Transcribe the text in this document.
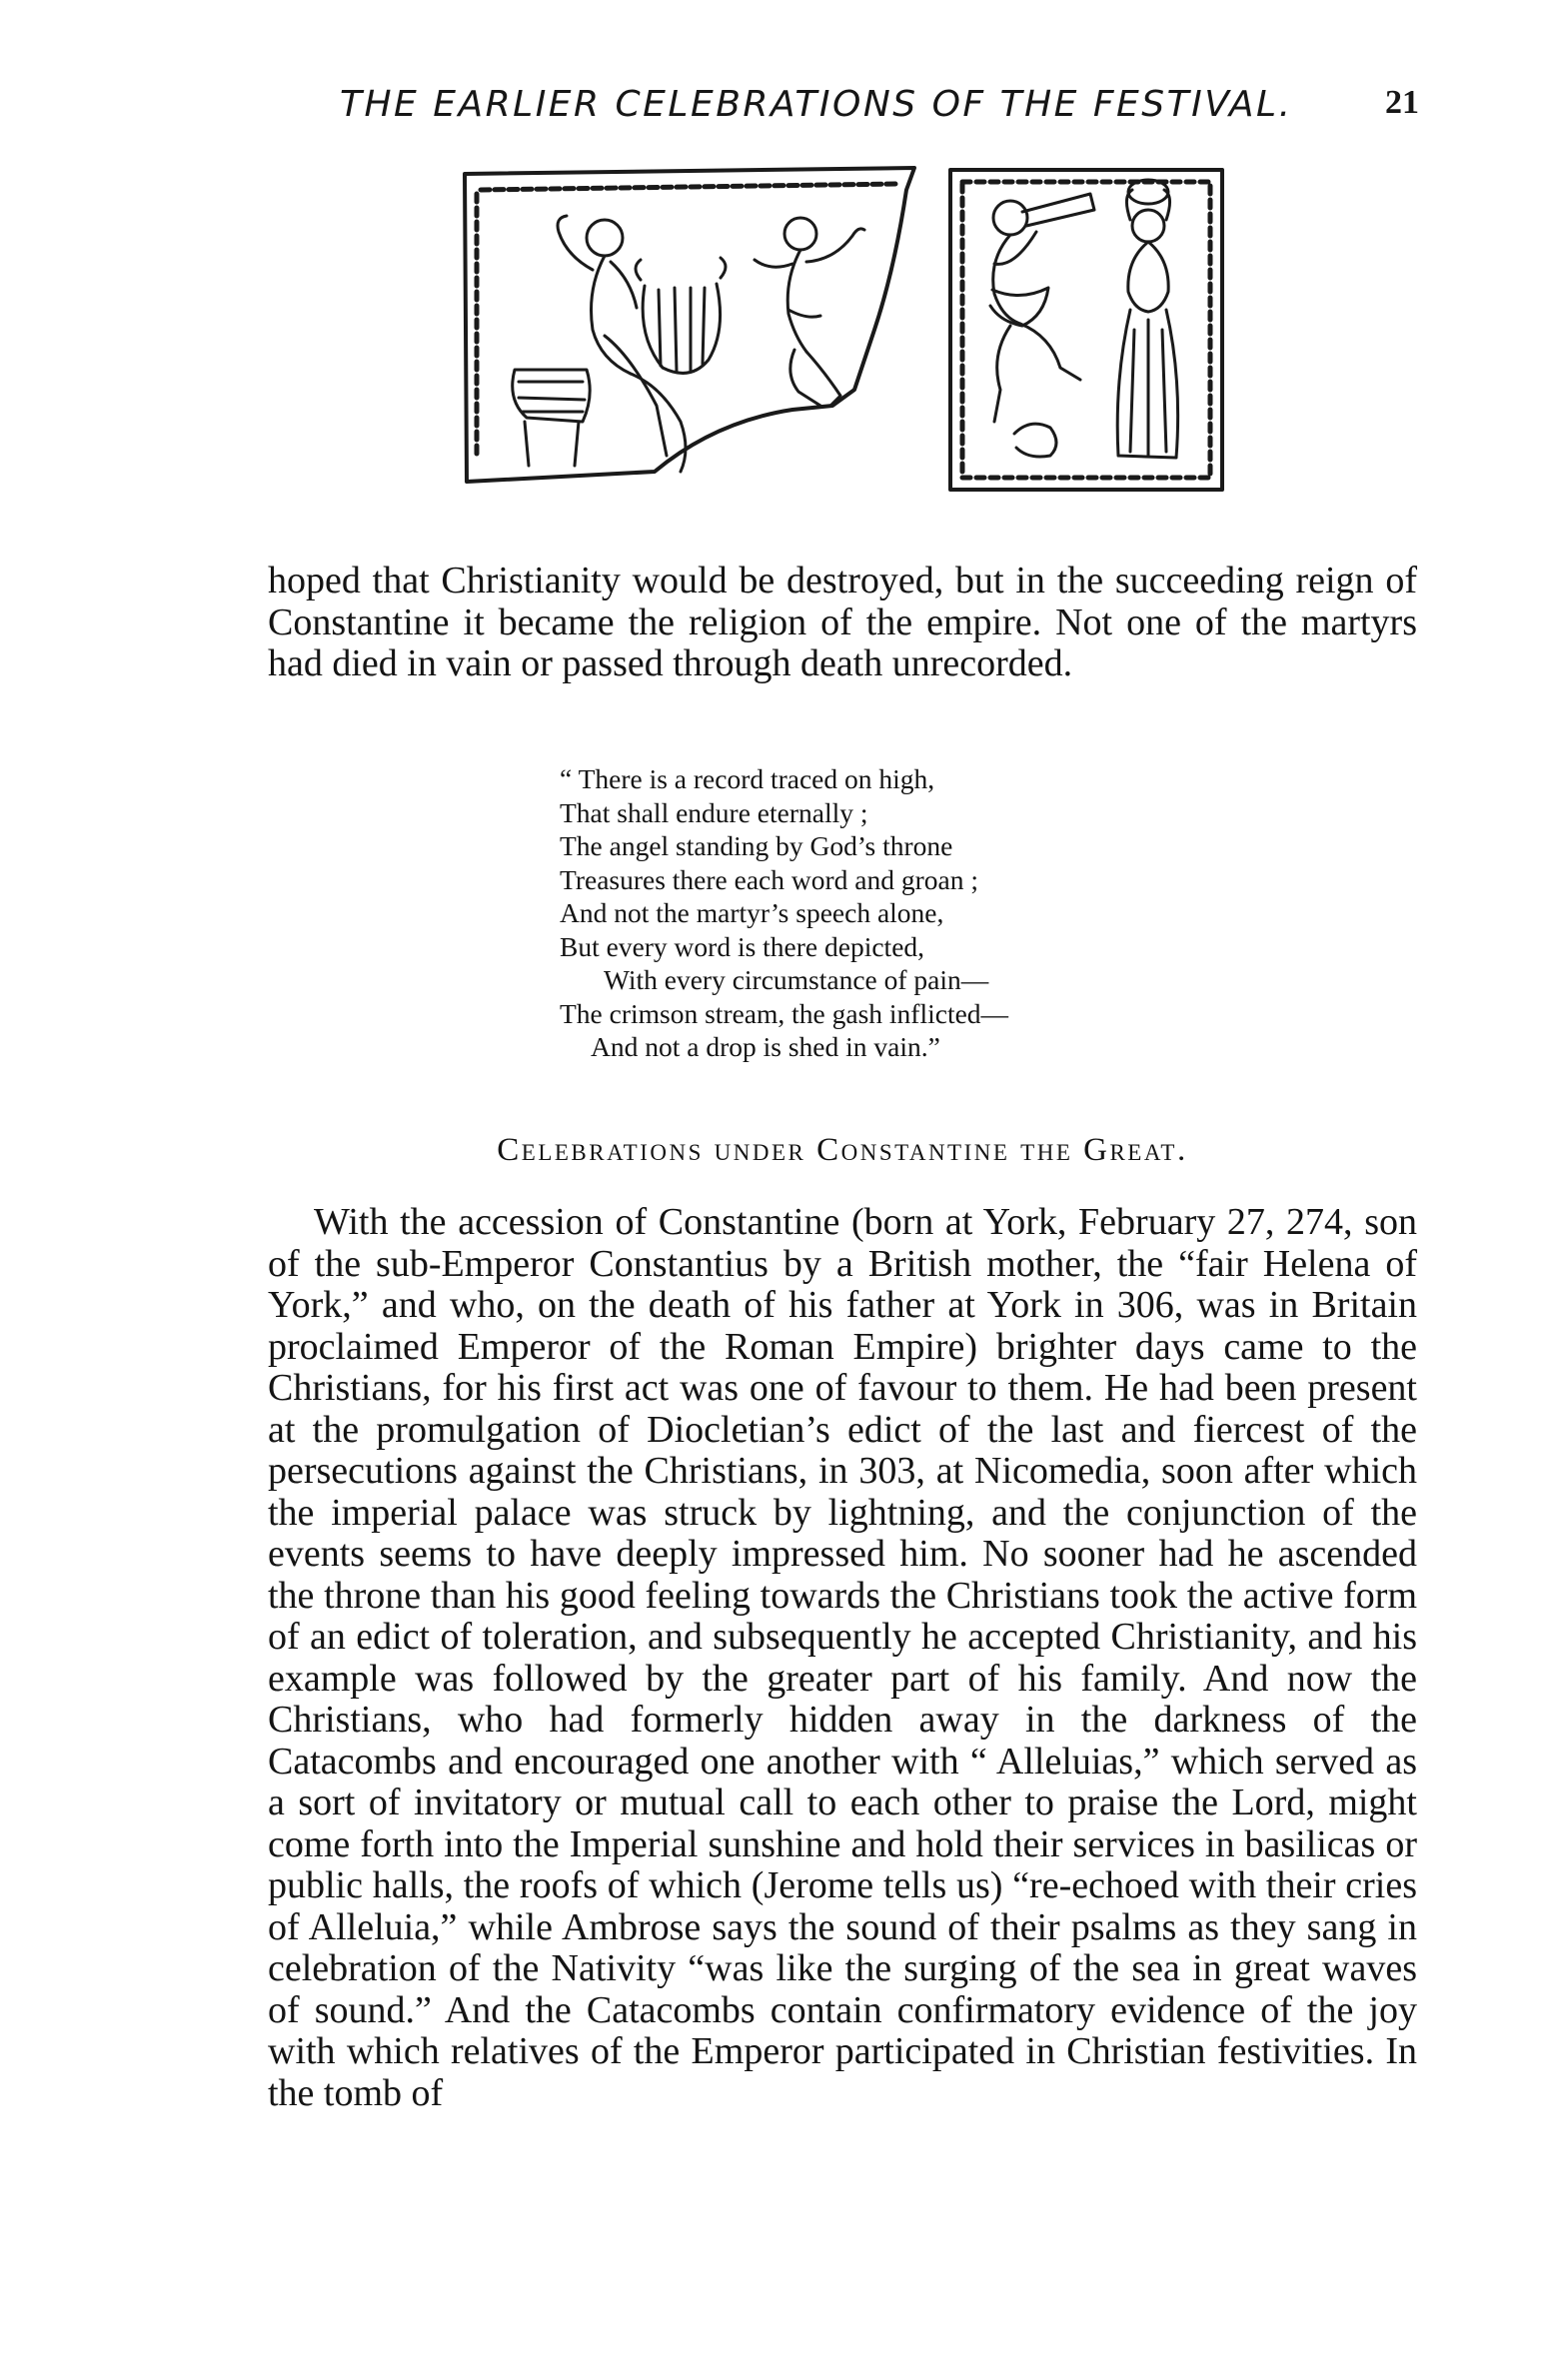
THE EARLIER CELEBRATIONS OF THE FESTIVAL.	21

hoped that Christianity would be destroyed, but in the succeeding reign of Constantine it became the religion of the empire. Not one of the martyrs had died in vain or passed through death unrecorded.

“ There is a record traced on high,
That shall endure eternally ;
The angel standing by God’s throne
Treasures there each word and groan ;
And not the martyr’s speech alone,
But every word is there depicted,
With every circumstance of pain—
The crimson stream, the gash inflicted—
And not a drop is shed in vain.”
Celebrations under Constantine the Great.

With the accession of Constantine (born at York, February 27, 274, son of the sub-Emperor Constantius by a British mother, the “fair Helena of York,” and who, on the death of his father at York in 306, was in Britain proclaimed Emperor of the Roman Empire) brighter days came to the Christians, for his first act was one of favour to them. He had been present at the promulgation of Diocletian’s edict of the last and fiercest of the persecutions against the Christians, in 303, at Nicomedia, soon after which the imperial palace was struck by lightning, and the conjunction of the events seems to have deeply impressed him. No sooner had he ascended the throne than his good feeling towards the Christians took the active form of an edict of toleration, and subsequently he accepted Christianity, and his example was followed by the greater part of his family. And now the Christians, who had formerly hidden away in the darkness of the Catacombs and encouraged one another with “ Alleluias,” which served as a sort of invitatory or mutual call to each other to praise the Lord, might come forth into the Imperial sunshine and hold their services in basilicas or public halls, the roofs of which (Jerome tells us) “re-echoed with their cries of Alleluia,” while Ambrose says the sound of their psalms as they sang in celebration of the Nativity “was like the surging of the sea in great waves of sound.” And the Catacombs contain confirmatory evidence of the joy with which relatives of the Emperor participated in Christian festivities. In the tomb of
